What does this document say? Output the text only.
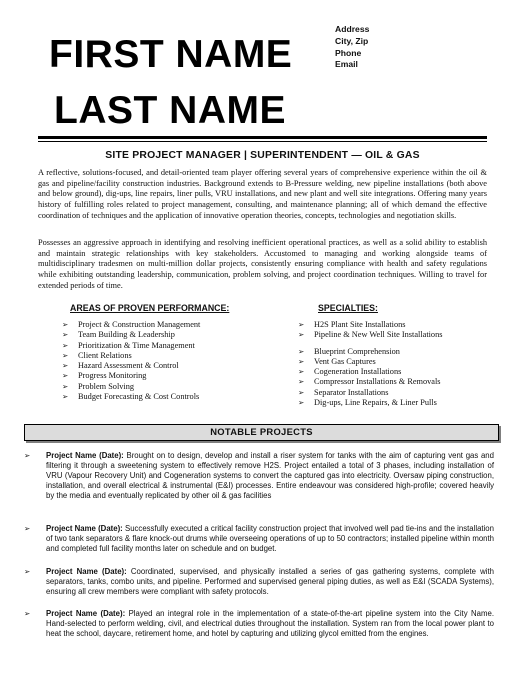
FIRST NAME
LAST NAME
Address
City, Zip
Phone
Email
SITE PROJECT MANAGER | SUPERINTENDENT — OIL & GAS
A reflective, solutions-focused, and detail-oriented team player offering several years of comprehensive experience within the oil & gas and pipeline/facility construction industries. Background extends to B-Pressure welding, new pipeline installations (both above and below ground), dig-ups, line repairs, liner pulls, VRU installations, and new plant and well site integrations. Offering many years history of fulfilling roles related to project management, consulting, and maintenance planning; all of which demand the effective coordination of techniques and the application of innovative operation theories, concepts, technologies and negotiation skills.
Possesses an aggressive approach in identifying and resolving inefficient operational practices, as well as a solid ability to establish and maintain strategic relationships with key stakeholders. Accustomed to managing and working alongside teams of multidisciplinary tradesmen on multi-million dollar projects, consistently ensuring compliance with health and safety regulations while exhibiting outstanding leadership, communication, problem solving, and project coordination techniques. Willing to travel for extended periods of time.
AREAS OF PROVEN PERFORMANCE:	SPECIALTIES:
➢ Project & Construction Management
➢ Team Building & Leadership
➢ Prioritization & Time Management
➢ Client Relations
➢ Hazard Assessment & Control
➢ Progress Monitoring
➢ Problem Solving
➢ Budget Forecasting & Cost Controls
➢ H2S Plant Site Installations
➢ Pipeline & New Well Site Installations
➢ Blueprint Comprehension
➢ Vent Gas Captures
➢ Cogeneration Installations
➢ Compressor Installations & Removals
➢ Separator Installations
➢ Dig-ups, Line Repairs, & Liner Pulls
NOTABLE PROJECTS
➢ Project Name (Date): Brought on to design, develop and install a riser system for tanks with the aim of capturing vent gas and filtering it through a sweetening system to effectively remove H2S. Project entailed a total of 3 phases, including installation of VRU (Vapour Recovery Unit) and Cogeneration systems to convert the captured gas into electricity. Oversaw piping construction, installation, and overall electrical & instrumental (E&I) processes. Entire endeavour was considered high-profile; covered heavily by the media and eventually replicated by other oil & gas facilities
➢ Project Name (Date): Successfully executed a critical facility construction project that involved well pad tie-ins and the installation of two tank separators & flare knock-out drums while overseeing operations of up to 50 contractors; installed pipeline within month and completed full facility months later on schedule and on budget.
➢ Project Name (Date): Coordinated, supervised, and physically installed a series of gas gathering systems, complete with separators, tanks, combo units, and pipeline. Performed and supervised general piping duties, as well as E&I (SCADA Systems), ensuring all crew members were compliant with safety protocols.
➢ Project Name (Date): Played an integral role in the implementation of a state-of-the-art pipeline system into the City Name. Hand-selected to perform welding, civil, and electrical duties throughout the installation. System ran from the local power plant to heat the school, daycare, retirement home, and hotel by capturing and utilizing glycol emitted from the engines.
